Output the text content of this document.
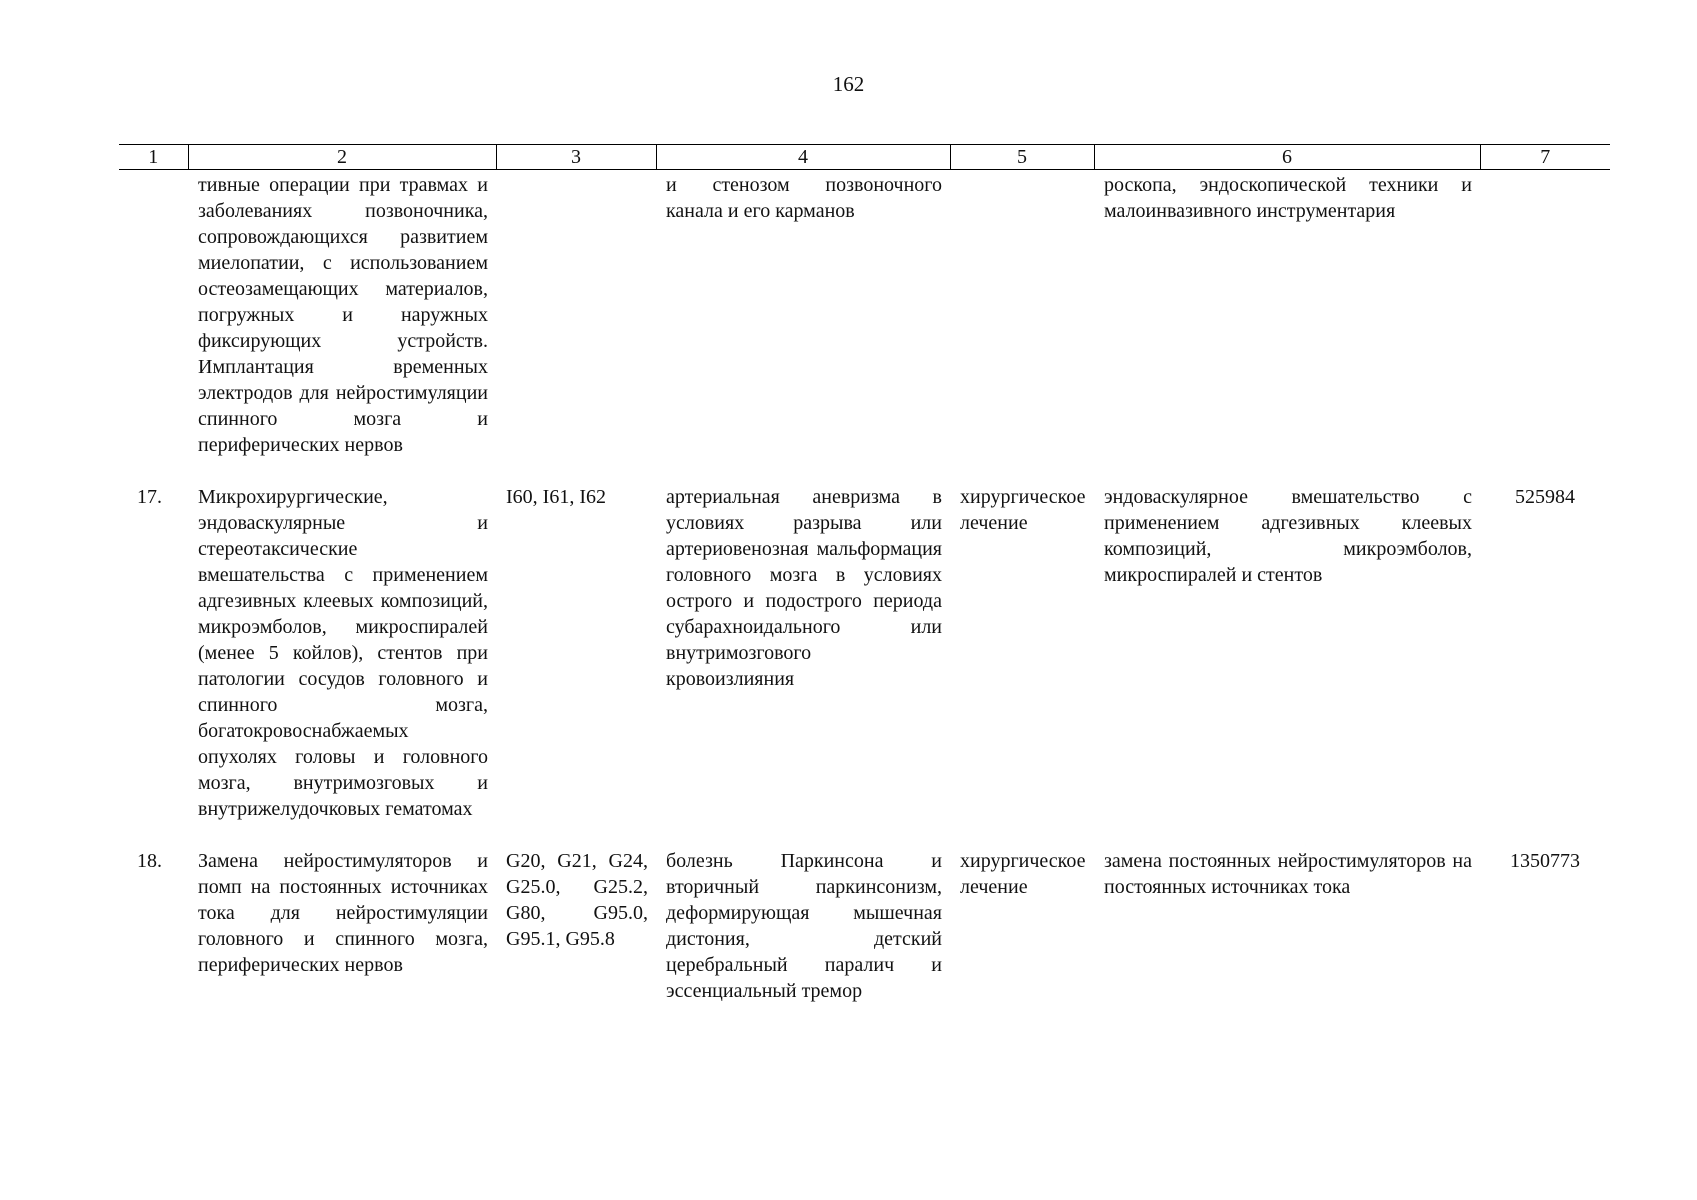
162
1	2	3	4	5	6	7
	тивные операции при травмах и заболеваниях позвоночника, сопровождающихся развитием миелопатии, с использованием остеозамещающих материалов, погружных и наружных фиксирующих устройств. Имплантация временных электродов для нейростимуляции спинного мозга и периферических нервов		и стенозом позвоночного канала и его карманов		роскопа, эндоскопической техники и малоинвазивного инструментария	
17.	Микрохирургические, эндоваскулярные и стереотаксические вмешательства с применением адгезивных клеевых композиций, микроэмболов, микроспиралей (менее 5 койлов), стентов при патологии сосудов головного и спинного мозга, богатокровоснабжаемых опухолях головы и головного мозга, внутримозговых и внутрижелудочковых гематомах	I60, I61, I62	артериальная аневризма в условиях разрыва или артериовенозная мальформация головного мозга в условиях острого и подострого периода субарахноидального или внутримозгового кровоизлияния	хирургическое лечение	эндоваскулярное вмешательство с применением адгезивных клеевых композиций, микроэмболов, микроспиралей и стентов	525984
18.	Замена нейростимуляторов и помп на постоянных источниках тока для нейростимуляции головного и спинного мозга, периферических нервов	G20, G21, G24, G25.0, G25.2, G80, G95.0, G95.1, G95.8	болезнь Паркинсона и вторичный паркинсонизм, деформирующая мышечная дистония, детский церебральный паралич и эссенциальный тремор	хирургическое лечение	замена постоянных нейростимуляторов на постоянных источниках тока	1350773
